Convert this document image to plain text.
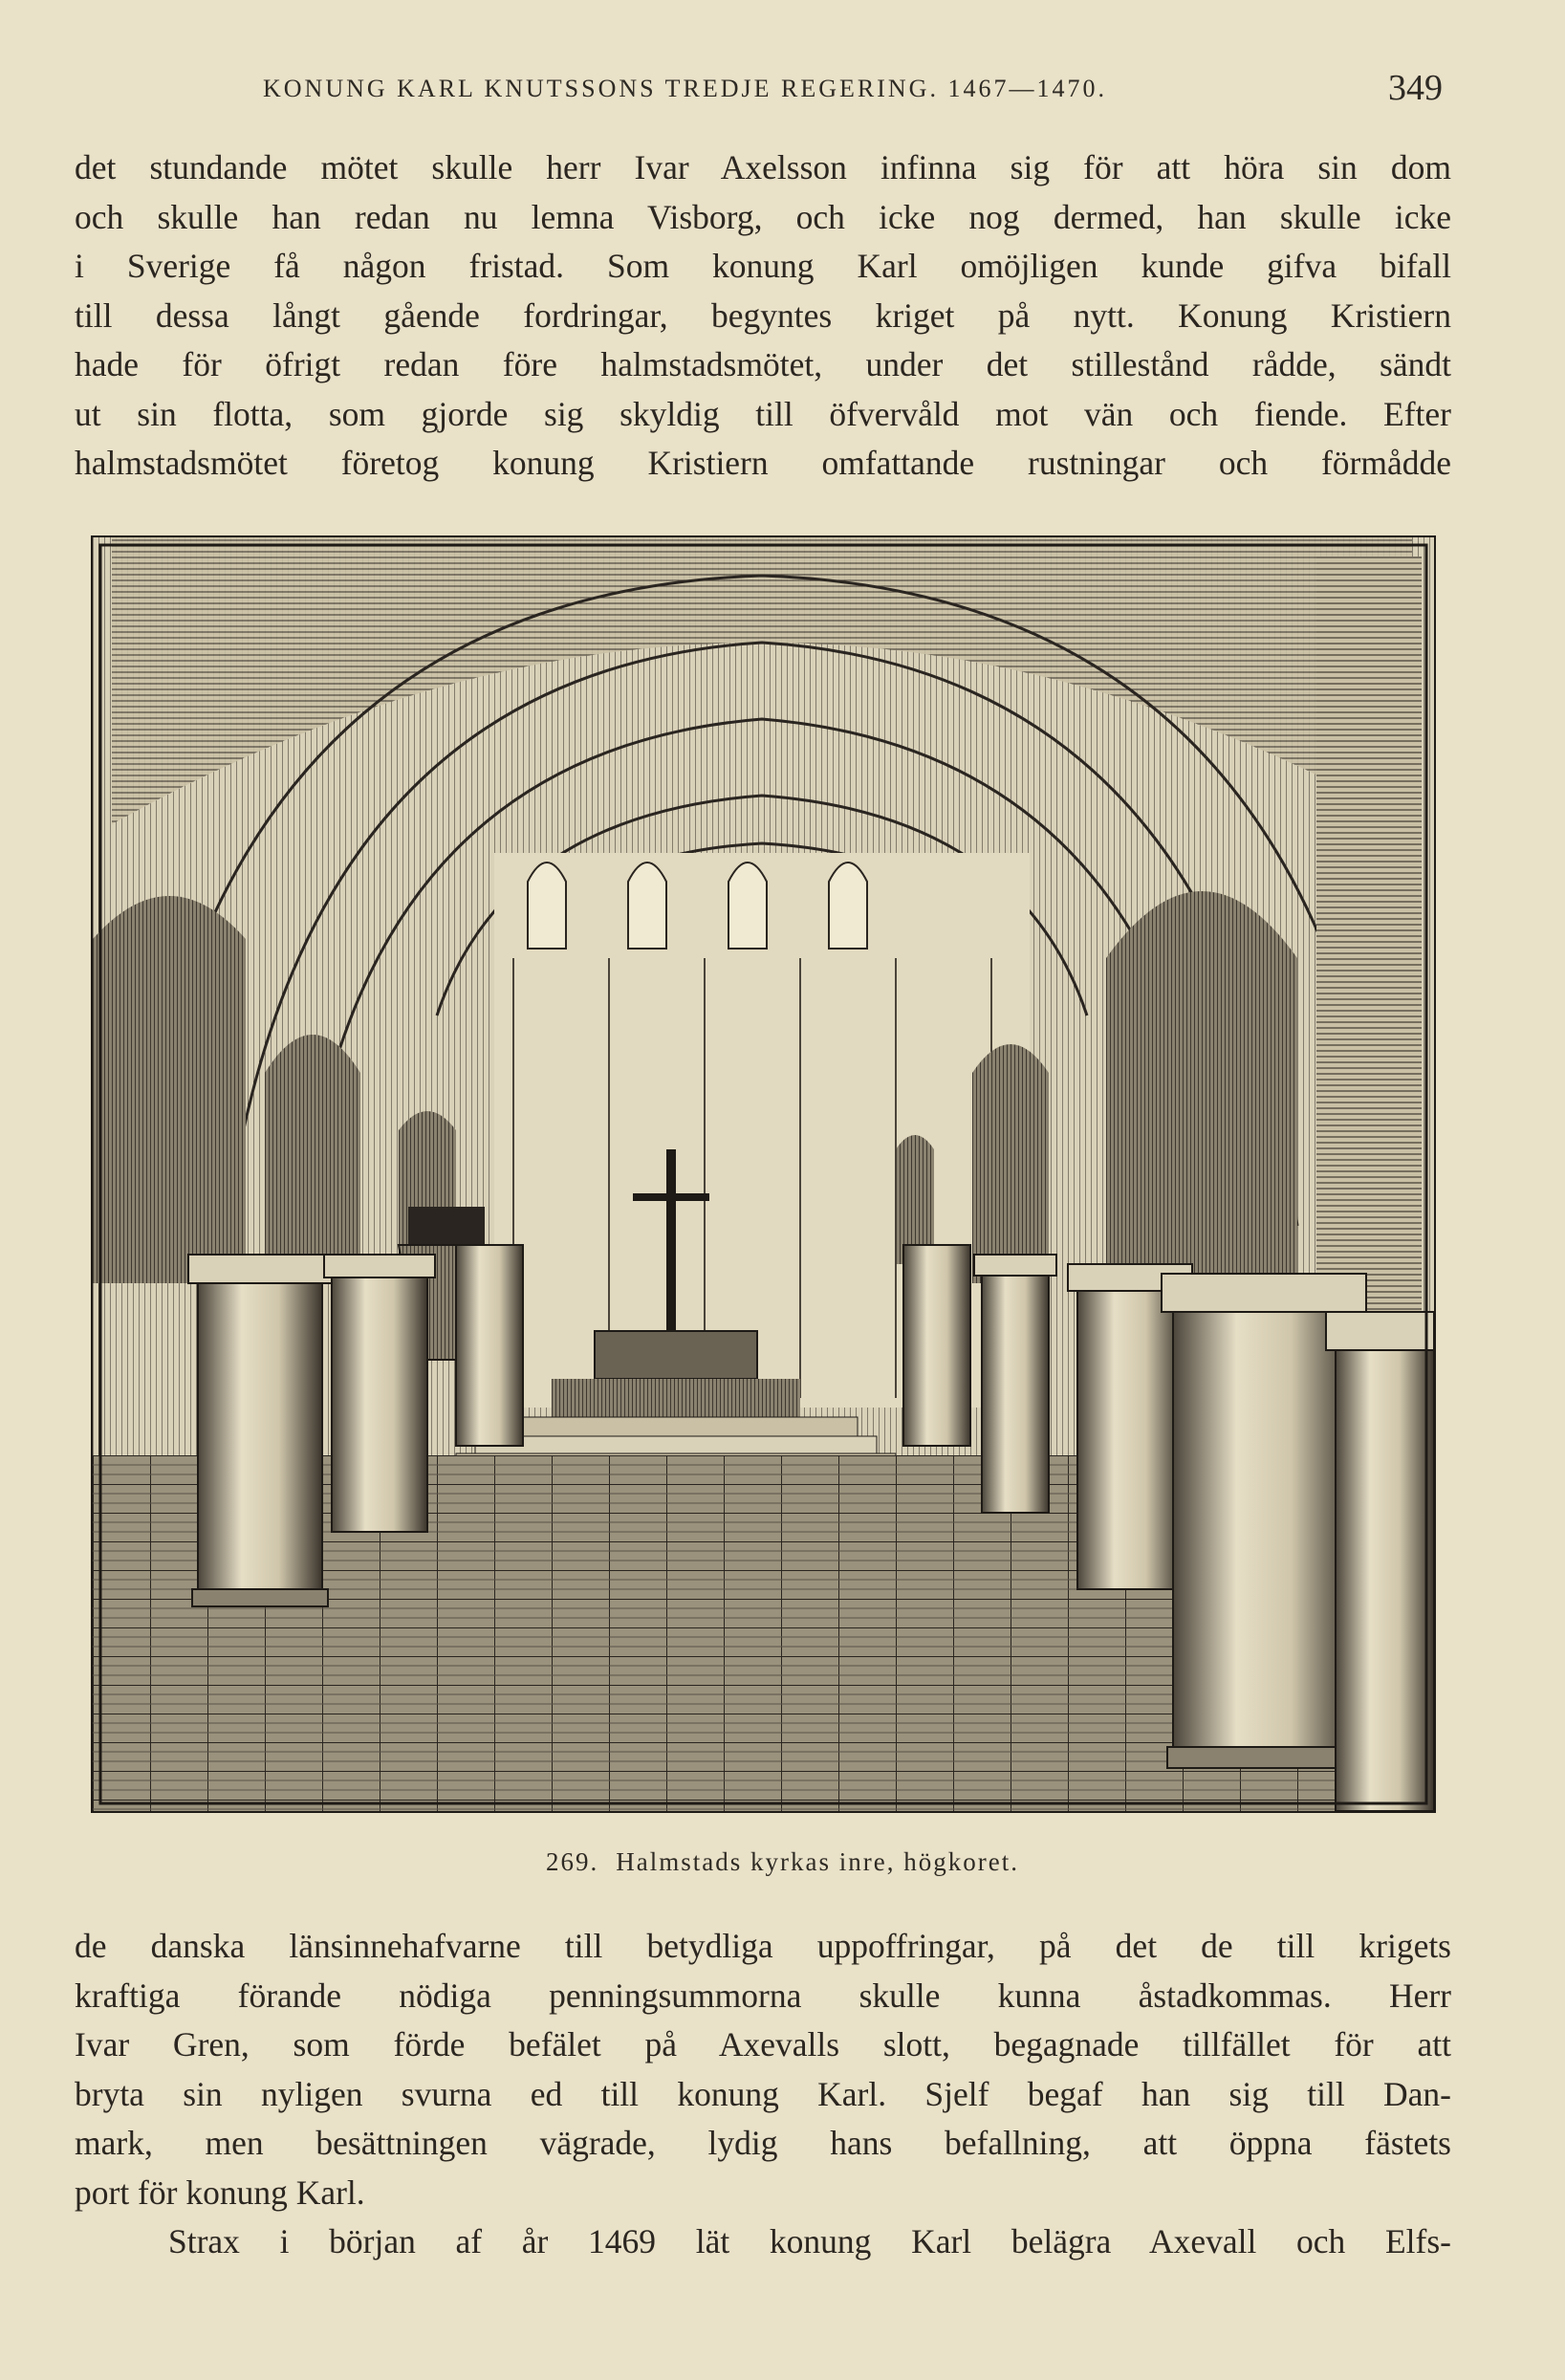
KONUNG KARL KNUTSSONS TREDJE REGERING. 1467—1470.	349
det stundande mötet skulle herr Ivar Axelsson infinna sig för att höra sin dom
och skulle han redan nu lemna Visborg, och icke nog dermed, han skulle icke
i Sverige få någon fristad. Som konung Karl omöjligen kunde gifva bifall
till dessa långt gående fordringar, begyntes kriget på nytt. Konung Kristiern
hade för öfrigt redan före halmstadsmötet, under det stillestånd rådde, sändt
ut sin flotta, som gjorde sig skyldig till öfvervåld mot vän och fiende. Efter
halmstadsmötet företog konung Kristiern omfattande rustningar och förmådde
269. Halmstads kyrkas inre, högkoret.
de danska länsinnehafvarne till betydliga uppoffringar, på det de till krigets
kraftiga förande nödiga penningsummorna skulle kunna åstadkommas. Herr
Ivar Gren, som förde befälet på Axevalls slott, begagnade tillfället för att
bryta sin nyligen svurna ed till konung Karl. Sjelf begaf han sig till Dan-
mark, men besättningen vägrade, lydig hans befallning, att öppna fästets
port för konung Karl.
Strax i början af år 1469 lät konung Karl belägra Axevall och Elfs-
